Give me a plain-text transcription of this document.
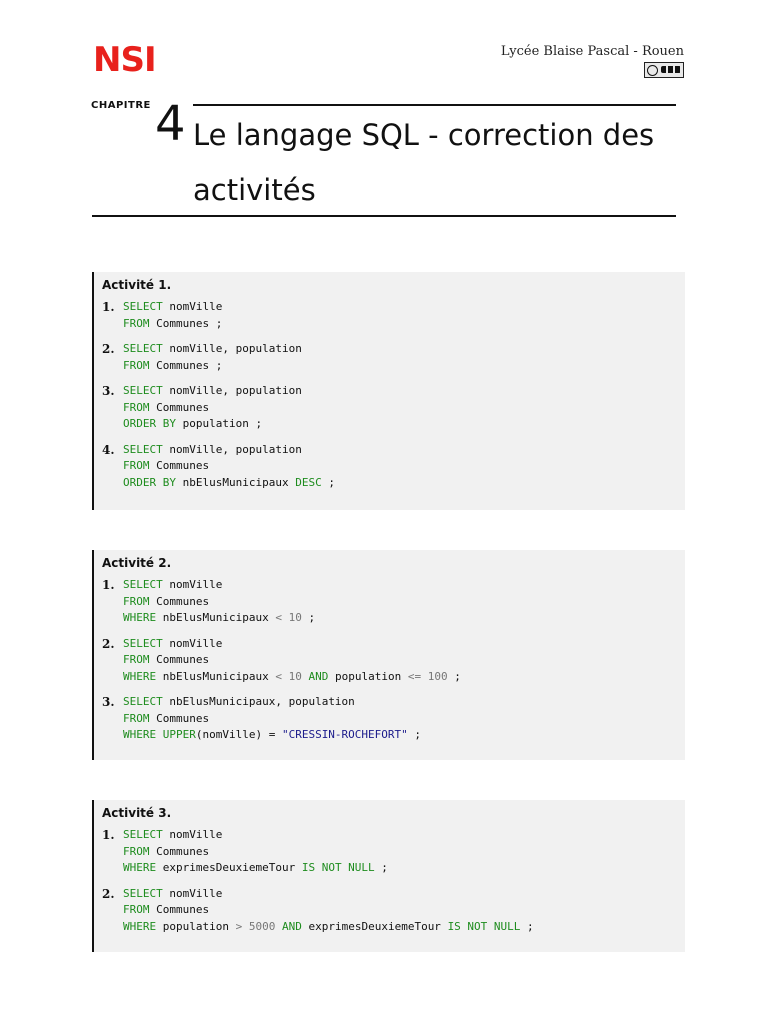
NSI	Lycée Blaise Pascal - Rouen
CHAPITRE 4 Le langage SQL - correction des activités
Activité 1.
1. SELECT nomVille
FROM Communes ;
2. SELECT nomVille, population
FROM Communes ;
3. SELECT nomVille, population
FROM Communes
ORDER BY population ;
4. SELECT nomVille, population
FROM Communes
ORDER BY nbElusMunicipaux DESC ;
Activité 2.
1. SELECT nomVille
FROM Communes
WHERE nbElusMunicipaux < 10 ;
2. SELECT nomVille
FROM Communes
WHERE nbElusMunicipaux < 10 AND population <= 100 ;
3. SELECT nbElusMunicipaux, population
FROM Communes
WHERE UPPER(nomVille) = "CRESSIN-ROCHEFORT" ;
Activité 3.
1. SELECT nomVille
FROM Communes
WHERE exprimesDeuxiemeTour IS NOT NULL ;
2. SELECT nomVille
FROM Communes
WHERE population > 5000 AND exprimesDeuxiemeTour IS NOT NULL ;
